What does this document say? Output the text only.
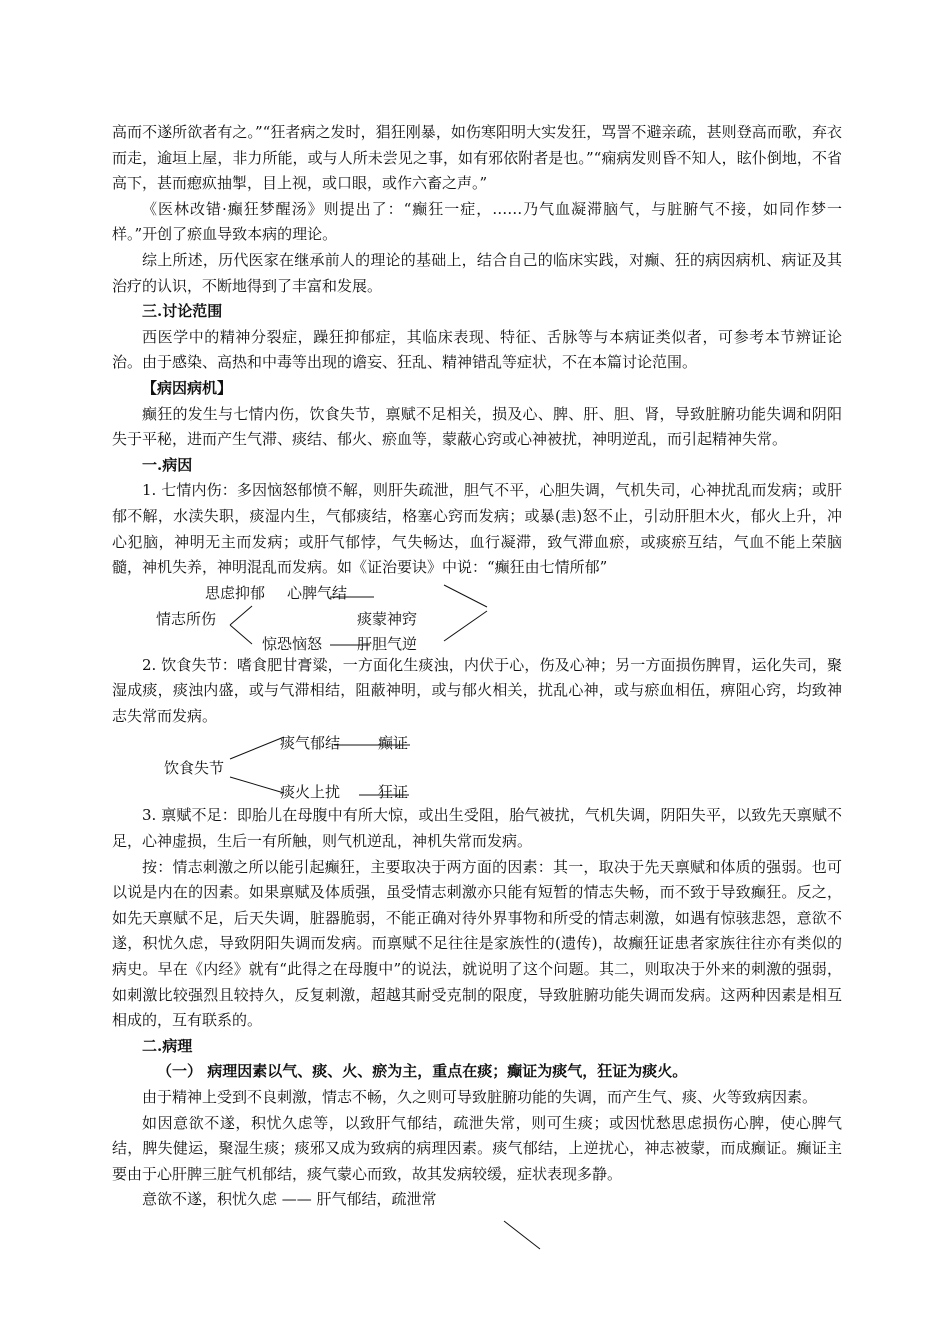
高而不遂所欲者有之。”“狂者病之发时，猖狂刚暴，如伤寒阳明大实发狂，骂詈不避亲疏，甚则登高而歌，弃衣而走，逾垣上屋，非力所能，或与人所未尝见之事，如有邪依附者是也。”“痫病发则昏不知人，眩仆倒地，不省高下，甚而瘛疭抽掣，目上视，或口眼，或作六畜之声。”

《医林改错·癫狂梦醒汤》则提出了：“癫狂一症，……乃气血凝滞脑气，与脏腑气不接，如同作梦一样。”开创了瘀血导致本病的理论。

综上所述，历代医家在继承前人的理论的基础上，结合自己的临床实践，对癫、狂的病因病机、病证及其治疗的认识，不断地得到了丰富和发展。

三.讨论范围

西医学中的精神分裂症，躁狂抑郁症，其临床表现、特征、舌脉等与本病证类似者，可参考本节辨证论治。由于感染、高热和中毒等出现的谵妄、狂乱、精神错乱等症状，不在本篇讨论范围。

【病因病机】

癫狂的发生与七情内伤，饮食失节，禀赋不足相关，损及心、脾、肝、胆、肾，导致脏腑功能失调和阴阳失于平秘，进而产生气滞、痰结、郁火、瘀血等，蒙蔽心窍或心神被扰，神明逆乱，而引起精神失常。

一.病因

1. 七情内伤：多因恼怒郁愤不解，则肝失疏泄，胆气不平，心胆失调，气机失司，心神扰乱而发病；或肝郁不解，水渎失职，痰湿内生，气郁痰结，格塞心窍而发病；或暴(恚)怒不止，引动肝胆木火，郁火上升，冲心犯脑，神明无主而发病；或肝气郁悖，气失畅达，血行凝滞，致气滞血瘀，或痰瘀互结，气血不能上荣脑髓，神机失养，神明混乱而发病。如《证治要诀》中说：“癫狂由七情所郁”

思虑抑郁 心脾气结
情志所伤	痰蒙神窍
惊恐恼怒 肝胆气逆

2. 饮食失节：嗜食肥甘膏粱，一方面化生痰浊，内伏于心，伤及心神；另一方面损伤脾胃，运化失司，聚湿成痰，痰浊内盛，或与气滞相结，阻蔽神明，或与郁火相关，扰乱心神，或与瘀血相伍，痹阻心窍，均致神志失常而发病。

痰气郁结	癫证
饮食失节
痰火上扰	狂证

3. 禀赋不足：即胎儿在母腹中有所大惊，或出生受阻，胎气被扰，气机失调，阴阳失平，以致先天禀赋不足，心神虚损，生后一有所触，则气机逆乱，神机失常而发病。

按：情志刺激之所以能引起癫狂，主要取决于两方面的因素：其一，取决于先天禀赋和体质的强弱。也可以说是内在的因素。如果禀赋及体质强，虽受情志刺激亦只能有短暂的情志失畅，而不致于导致癫狂。反之，如先天禀赋不足，后天失调，脏器脆弱，不能正确对待外界事物和所受的情志刺激，如遇有惊骇悲怨，意欲不遂，积忧久虑，导致阴阳失调而发病。而禀赋不足往往是家族性的(遗传)，故癫狂证患者家族往往亦有类似的病史。早在《内经》就有“此得之在母腹中”的说法，就说明了这个问题。其二，则取决于外来的刺激的强弱，如刺激比较强烈且较持久，反复刺激，超越其耐受克制的限度，导致脏腑功能失调而发病。这两种因素是相互相成的，互有联系的。

二.病理

（一） 病理因素以气、痰、火、瘀为主，重点在痰；癫证为痰气，狂证为痰火。

由于精神上受到不良刺激，情志不畅，久之则可导致脏腑功能的失调，而产生气、痰、火等致病因素。

如因意欲不遂，积忧久虑等，以致肝气郁结，疏泄失常，则可生痰；或因忧愁思虑损伤心脾，使心脾气结，脾失健运，聚湿生痰；痰邪又成为致病的病理因素。痰气郁结，上逆扰心，神志被蒙，而成癫证。癫证主要由于心肝脾三脏气机郁结，痰气蒙心而致，故其发病较缓，症状表现多静。

意欲不遂，积忧久虑 —— 肝气郁结，疏泄常
